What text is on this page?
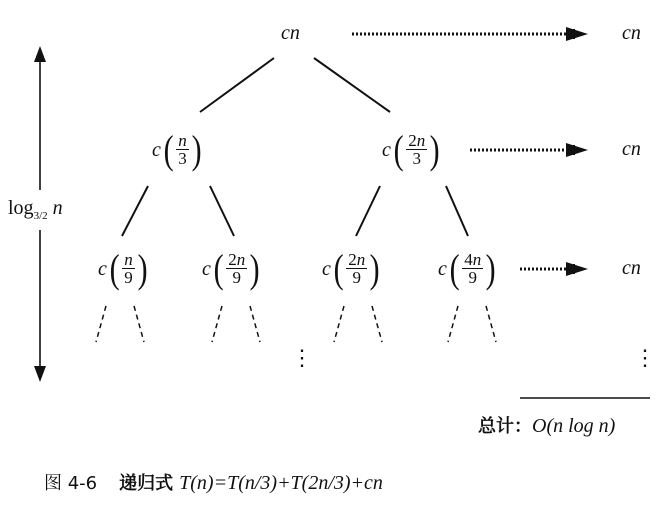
cn
c ( $\frac{n}{3}$ )	c ( $\frac{2n}{3}$ )
c ( $\frac{n}{9}$ )	c ( $\frac{2n}{9}$ )	c ( $\frac{2n}{9}$ )	c ( $\frac{4n}{9}$ )
cn
cn
cn
⋮	⋮
$\log_{3/2} n$
总计：O(n log n)
图 4-6 递归式 T(n)=T(n/3)+T(2n/3)+cn
